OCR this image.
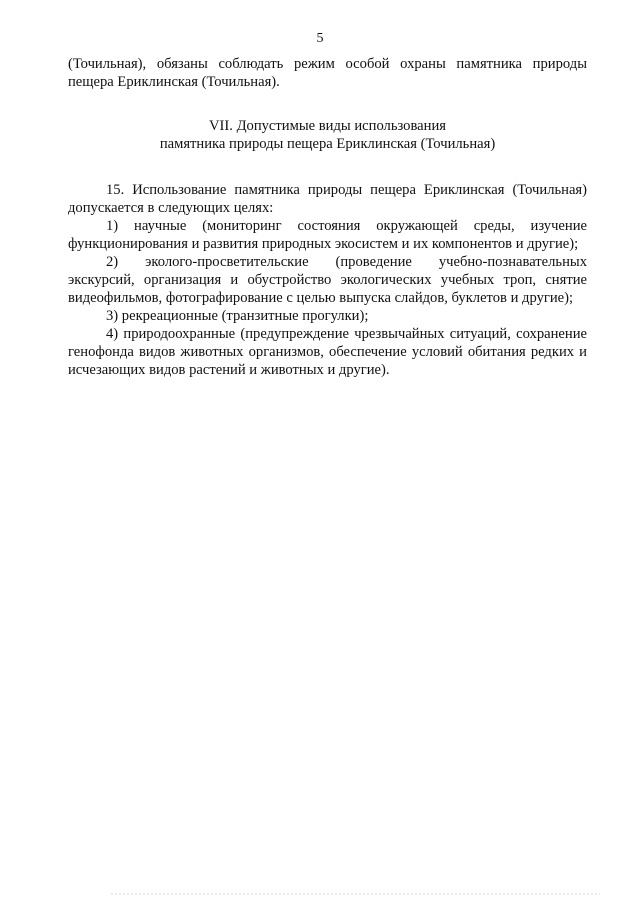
5

(Точильная), обязаны соблюдать режим особой охраны памятника природы пещера Ериклинская (Точильная).

VII. Допустимые виды использования
памятника природы пещера Ериклинская (Точильная)

15. Использование памятника природы пещера Ериклинская (Точильная) допускается в следующих целях:

1) научные (мониторинг состояния окружающей среды, изучение функционирования и развития природных экосистем и их компонентов и другие);

2) эколого-просветительские (проведение учебно-познавательных экскурсий, организация и обустройство экологических учебных троп, снятие видеофильмов, фотографирование с целью выпуска слайдов, буклетов и другие);

3) рекреационные (транзитные прогулки);

4) природоохранные (предупреждение чрезвычайных ситуаций, сохранение генофонда видов животных организмов, обеспечение условий обитания редких и исчезающих видов растений и животных и другие).
